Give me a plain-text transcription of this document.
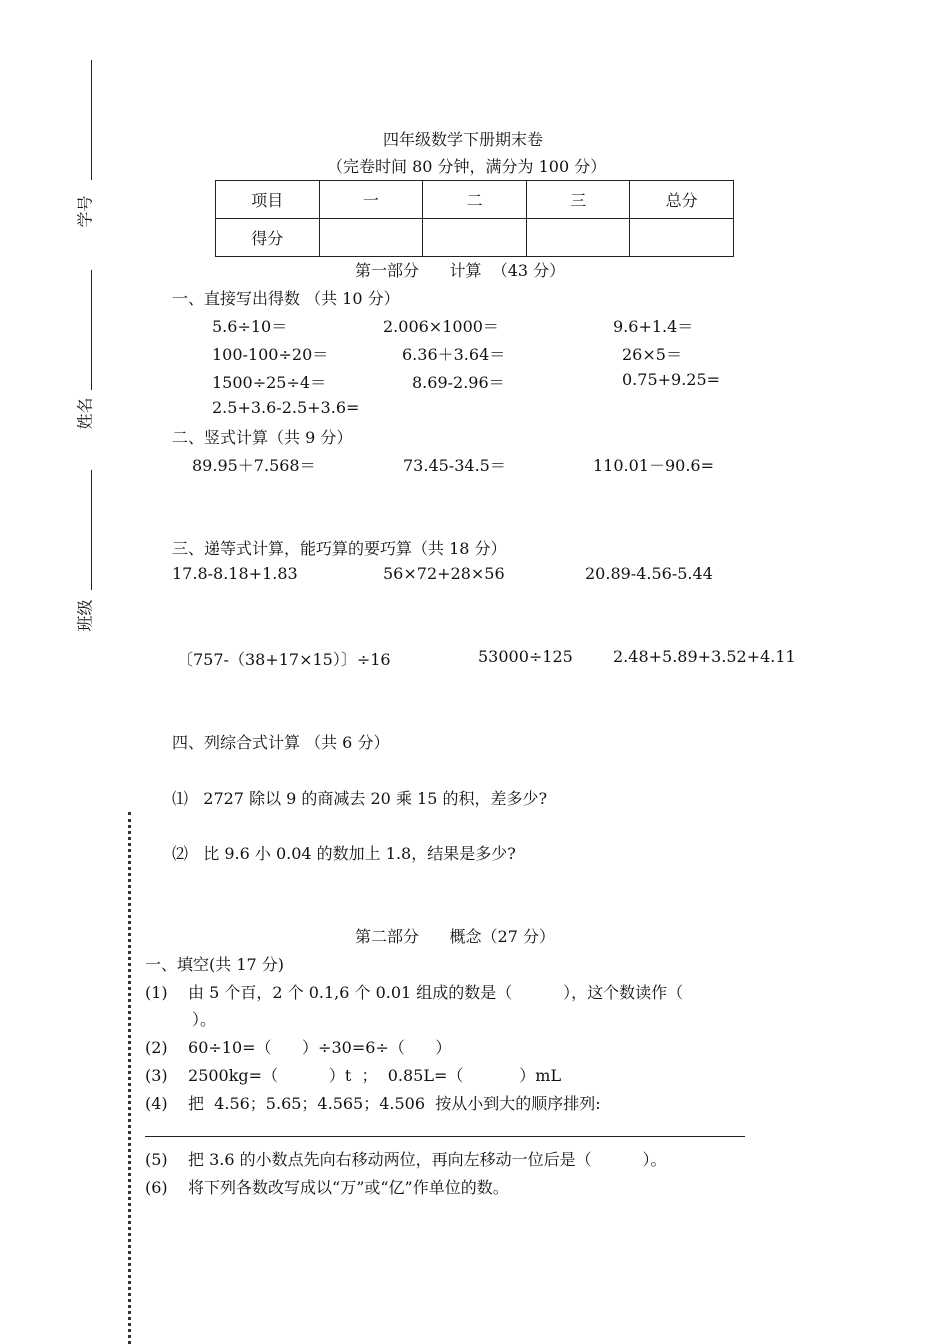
学号
姓名
班级
四年级数学下册期末卷
（完卷时间 80 分钟，满分为 100 分）
项目	一	二	三	总分
得分				
第一部分      计算  （43 分）
一、直接写出得数 （共 10 分）
5.6÷10＝	2.006×1000＝	9.6+1.4＝
100-100÷20＝	6.36＋3.64＝	26×5＝
1500÷25÷4＝	8.69-2.96＝	0.75+9.25=
2.5+3.6-2.5+3.6=
二、竖式计算（共 9 分）
89.95＋7.568＝	73.45-34.5＝	110.01－90.6=
三、递等式计算，能巧算的要巧算（共 18 分）
17.8-8.18+1.83	56×72+28×56	20.89-4.56-5.44
〔757-（38+17×15）〕÷16	53000÷125	2.48+5.89+3.52+4.11
四、列综合式计算 （共 6 分）
⑴   2727 除以 9 的商减去 20 乘 15 的积，差多少?
⑵   比 9.6 小 0.04 的数加上 1.8，结果是多少?
第二部分      概念（27 分）
一、填空(共 17 分)
(1)    由 5 个百，2 个 0.1,6 个 0.01 组成的数是（          ），这个数读作（
）。
(2)    60÷10=（      ）÷30=6÷（      ）
(3)    2500kg=（          ）t  ；  0.85L=（           ）mL
(4)    把  4.56；5.65；4.565；4.506  按从小到大的顺序排列:
(5)    把 3.6 的小数点先向右移动两位，再向左移动一位后是（          ）。
(6)    将下列各数改写成以“万”或“亿”作单位的数。
